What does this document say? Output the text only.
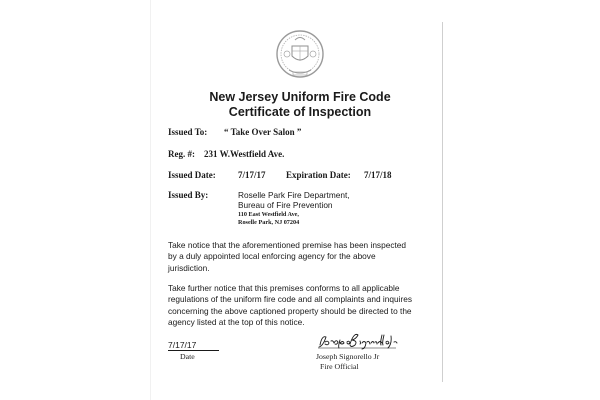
New Jersey Uniform Fire Code
Certificate of Inspection
Issued To: “ Take Over Salon ”
Reg. #: 231 W.Westfield Ave.
Issued Date: 7/17/17 Expiration Date: 7/17/18
Issued By:	Roselle Park Fire Department,
Bureau of Fire Prevention
110 East Westfield Ave,
Roselle Park, NJ 07204
Take notice that the aforementioned premise has been inspected
by a duly appointed local enforcing agency for the above
jurisdiction.
Take further notice that this premises conforms to all applicable
regulations of the uniform fire code and all complaints and inquires
concerning the above captioned property should be directed to the
agency listed at the top of this notice.
7/17/17
Date	Joseph Signorello Jr
Fire Official
